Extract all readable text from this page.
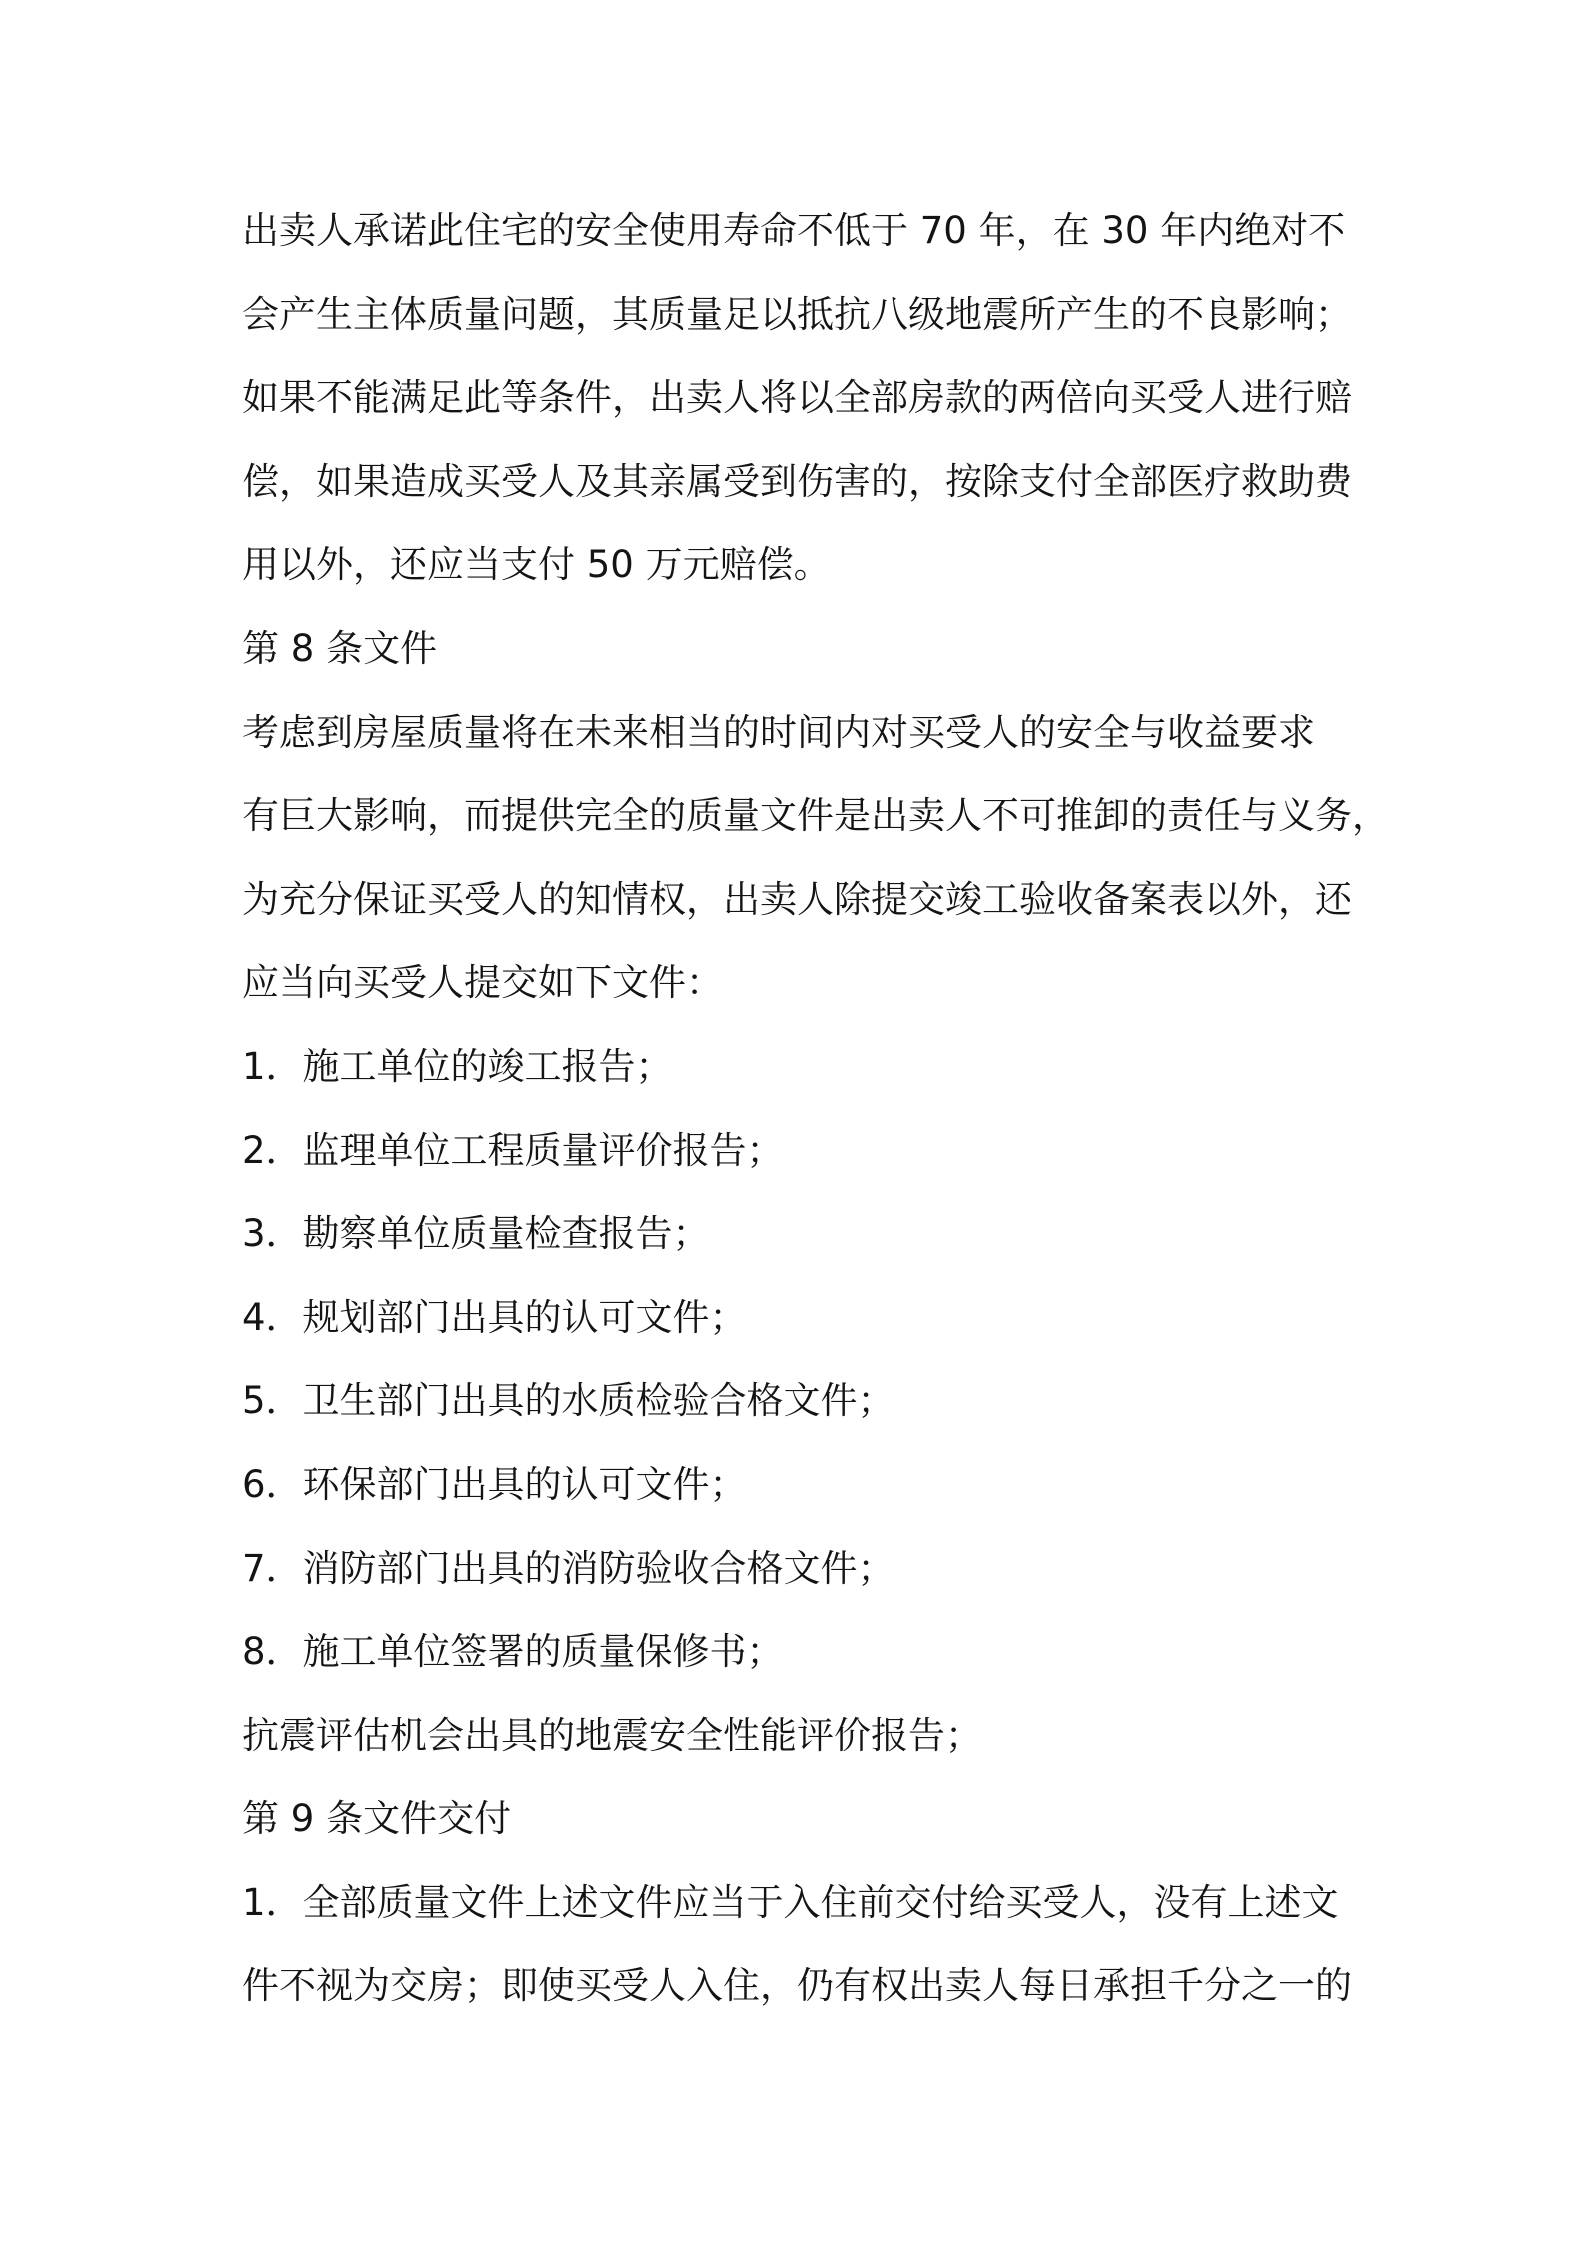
出卖人承诺此住宅的安全使用寿命不低于 70 年，在 30 年内绝对不
会产生主体质量问题，其质量足以抵抗八级地震所产生的不良影响；
如果不能满足此等条件，出卖人将以全部房款的两倍向买受人进行赔
偿，如果造成买受人及其亲属受到伤害的，按除支付全部医疗救助费
用以外，还应当支付 50 万元赔偿。
第 8 条文件
考虑到房屋质量将在未来相当的时间内对买受人的安全与收益要求
有巨大影响，而提供完全的质量文件是出卖人不可推卸的责任与义务，
为充分保证买受人的知情权，出卖人除提交竣工验收备案表以外，还
应当向买受人提交如下文件：
1．施工单位的竣工报告；
2．监理单位工程质量评价报告；
3．勘察单位质量检查报告；
4．规划部门出具的认可文件；
5．卫生部门出具的水质检验合格文件；
6．环保部门出具的认可文件；
7．消防部门出具的消防验收合格文件；
8．施工单位签署的质量保修书；
抗震评估机会出具的地震安全性能评价报告；
第 9 条文件交付
1．全部质量文件上述文件应当于入住前交付给买受人，没有上述文
件不视为交房；即使买受人入住，仍有权出卖人每日承担千分之一的
